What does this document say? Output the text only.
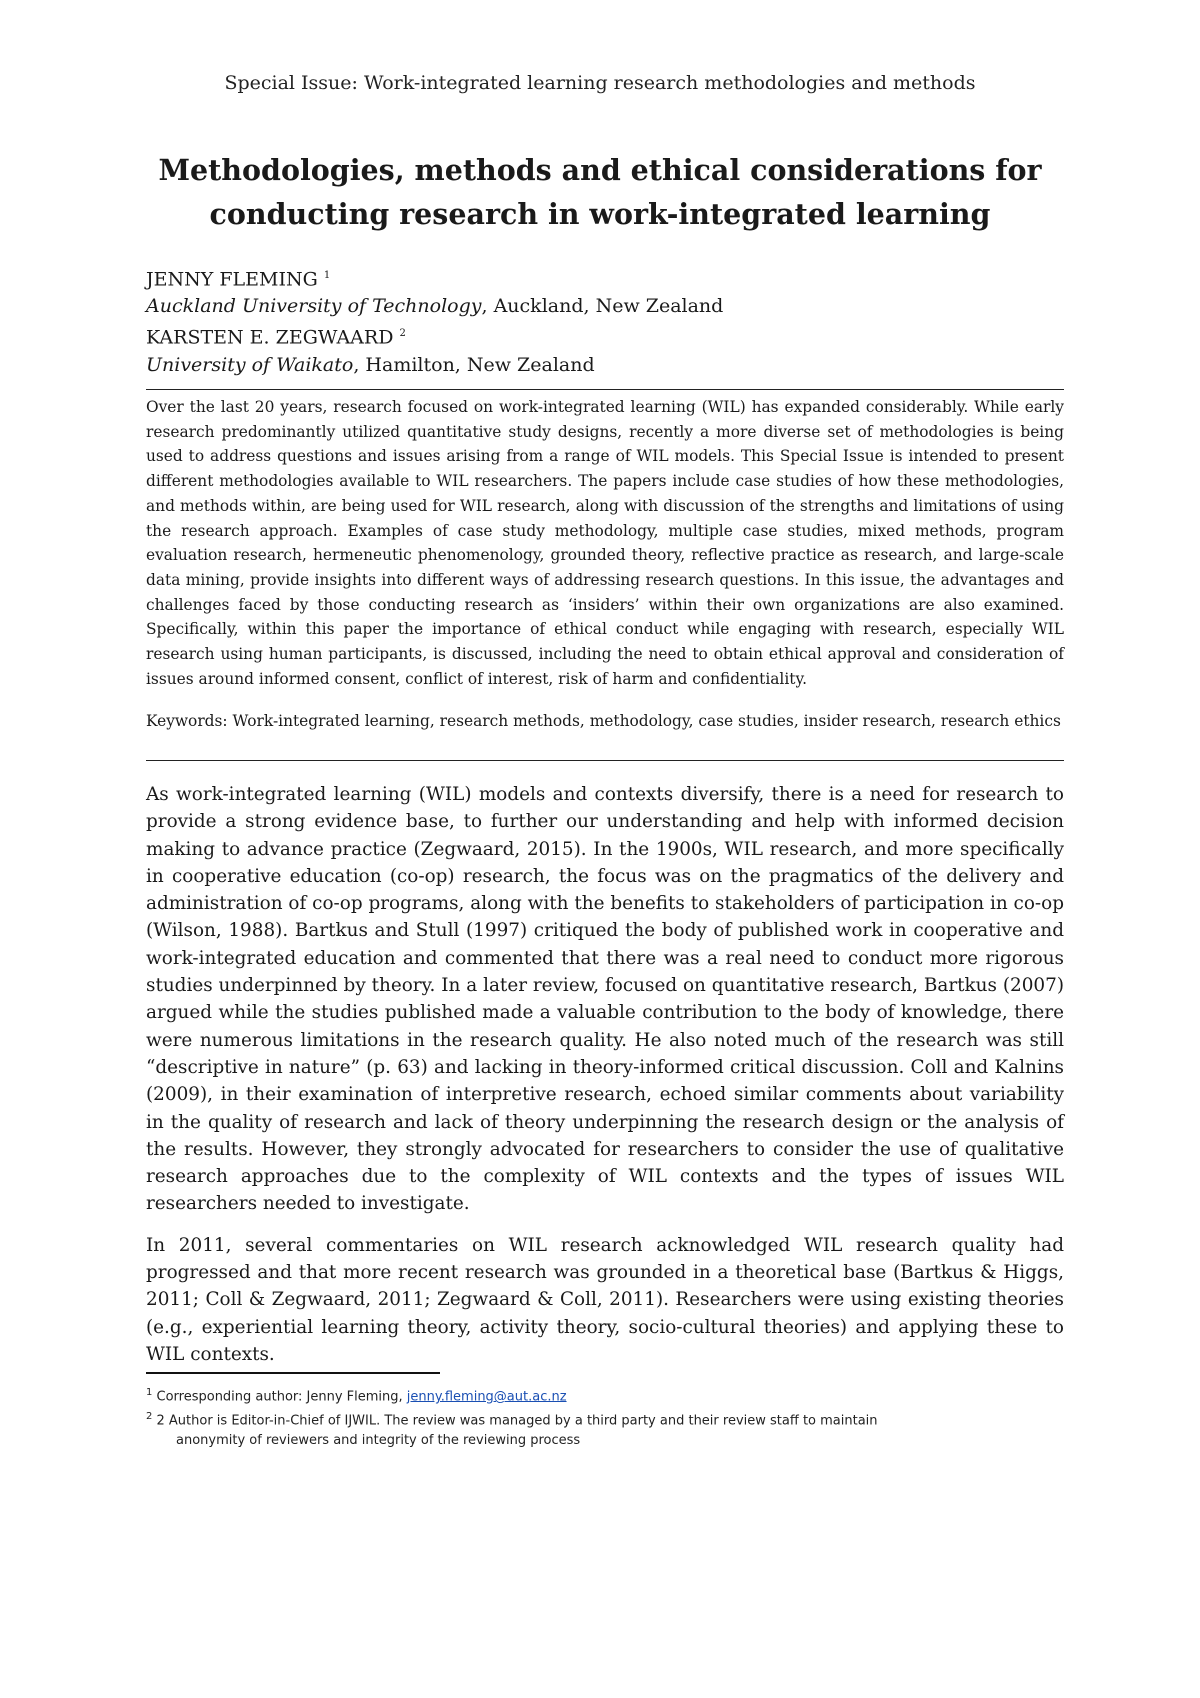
Special Issue: Work-integrated learning research methodologies and methods
Methodologies, methods and ethical considerations for
conducting research in work-integrated learning
JENNY FLEMING $^1$
Auckland University of Technology, Auckland, New Zealand
KARSTEN E. ZEGWAARD $^2$
University of Waikato, Hamilton, New Zealand

Over the last 20 years, research focused on work-integrated learning (WIL) has expanded considerably. While early research predominantly utilized quantitative study designs, recently a more diverse set of methodologies is being used to address questions and issues arising from a range of WIL models. This Special Issue is intended to present different methodologies available to WIL researchers. The papers include case studies of how these methodologies, and methods within, are being used for WIL research, along with discussion of the strengths and limitations of using the research approach. Examples of case study methodology, multiple case studies, mixed methods, program evaluation research, hermeneutic phenomenology, grounded theory, reflective practice as research, and large-scale data mining, provide insights into different ways of addressing research questions. In this issue, the advantages and challenges faced by those conducting research as ‘insiders’ within their own organizations are also examined. Specifically, within this paper the importance of ethical conduct while engaging with research, especially WIL research using human participants, is discussed, including the need to obtain ethical approval and consideration of issues around informed consent, conflict of interest, risk of harm and confidentiality.

Keywords: Work-integrated learning, research methods, methodology, case studies, insider research, research ethics

As work-integrated learning (WIL) models and contexts diversify, there is a need for research to provide a strong evidence base, to further our understanding and help with informed decision making to advance practice (Zegwaard, 2015). In the 1900s, WIL research, and more specifically in cooperative education (co-op) research, the focus was on the pragmatics of the delivery and administration of co-op programs, along with the benefits to stakeholders of participation in co-op (Wilson, 1988). Bartkus and Stull (1997) critiqued the body of published work in cooperative and work-integrated education and commented that there was a real need to conduct more rigorous studies underpinned by theory. In a later review, focused on quantitative research, Bartkus (2007) argued while the studies published made a valuable contribution to the body of knowledge, there were numerous limitations in the research quality. He also noted much of the research was still “descriptive in nature” (p. 63) and lacking in theory-informed critical discussion. Coll and Kalnins (2009), in their examination of interpretive research, echoed similar comments about variability in the quality of research and lack of theory underpinning the research design or the analysis of the results. However, they strongly advocated for researchers to consider the use of qualitative research approaches due to the complexity of WIL contexts and the types of issues WIL researchers needed to investigate.

In 2011, several commentaries on WIL research acknowledged WIL research quality had progressed and that more recent research was grounded in a theoretical base (Bartkus & Higgs, 2011; Coll & Zegwaard, 2011; Zegwaard & Coll, 2011). Researchers were using existing theories (e.g., experiential learning theory, activity theory, socio-cultural theories) and applying these to WIL contexts.

$^1$ Corresponding author: Jenny Fleming, jenny.fleming@aut.ac.nz
$^2$ 2 Author is Editor-in-Chief of IJWIL. The review was managed by a third party and their review staff to maintain
anonymity of reviewers and integrity of the reviewing process
